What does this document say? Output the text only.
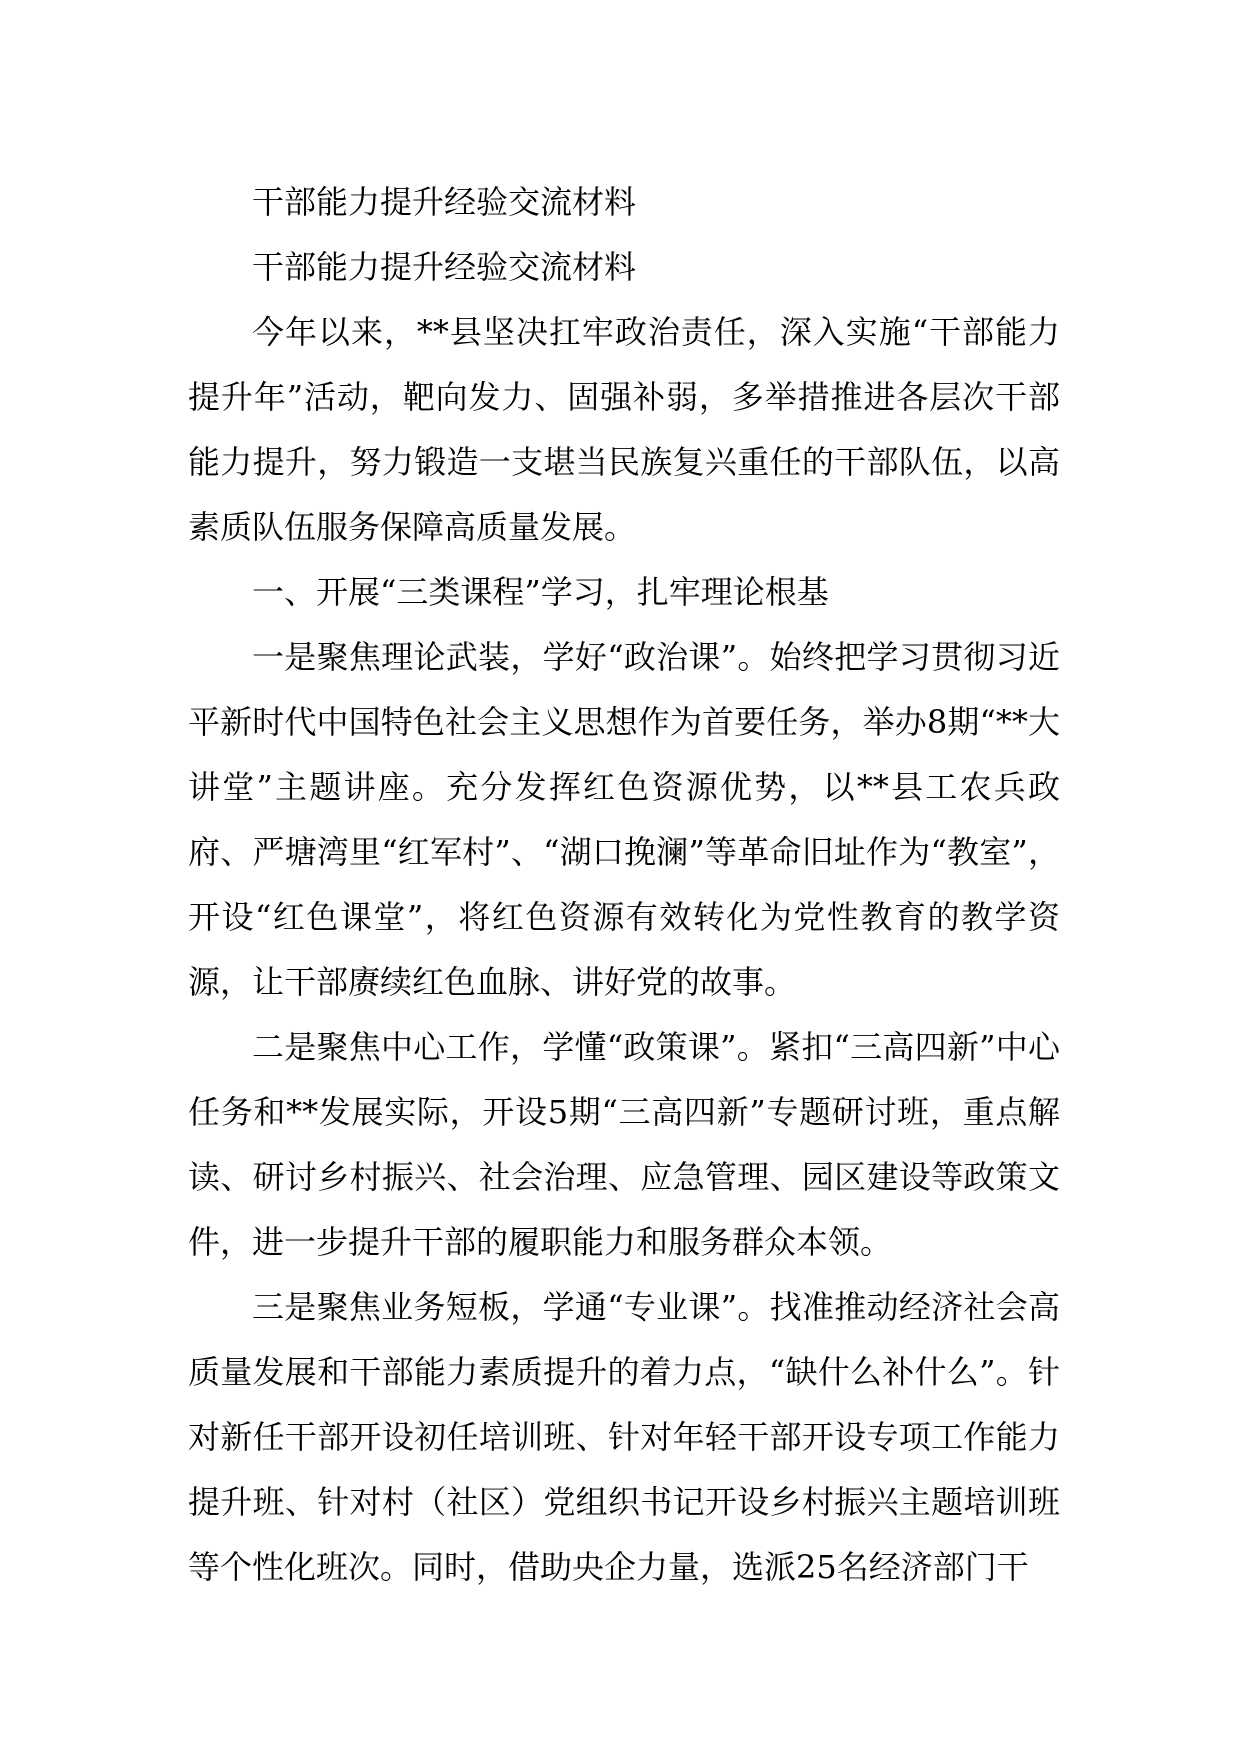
干部能力提升经验交流材料

干部能力提升经验交流材料

今年以来，**县坚决扛牢政治责任，深入实施“干部能力提升年”活动，靶向发力、固强补弱，多举措推进各层次干部能力提升，努力锻造一支堪当民族复兴重任的干部队伍，以高素质队伍服务保障高质量发展。

一、开展“三类课程”学习，扎牢理论根基

一是聚焦理论武装，学好“政治课”。始终把学习贯彻习近平新时代中国特色社会主义思想作为首要任务，举办8期“**大讲堂”主题讲座。充分发挥红色资源优势，以**县工农兵政府、严塘湾里“红军村”、“湖口挽澜”等革命旧址作为“教室”，开设“红色课堂”，将红色资源有效转化为党性教育的教学资源，让干部赓续红色血脉、讲好党的故事。

二是聚焦中心工作，学懂“政策课”。紧扣“三高四新”中心任务和**发展实际，开设5期“三高四新”专题研讨班，重点解读、研讨乡村振兴、社会治理、应急管理、园区建设等政策文件，进一步提升干部的履职能力和服务群众本领。

三是聚焦业务短板，学通“专业课”。找准推动经济社会高质量发展和干部能力素质提升的着力点，“缺什么补什么”。针对新任干部开设初任培训班、针对年轻干部开设专项工作能力提升班、针对村（社区）党组织书记开设乡村振兴主题培训班等个性化班次。同时，借助央企力量，选派25名经济部门干
